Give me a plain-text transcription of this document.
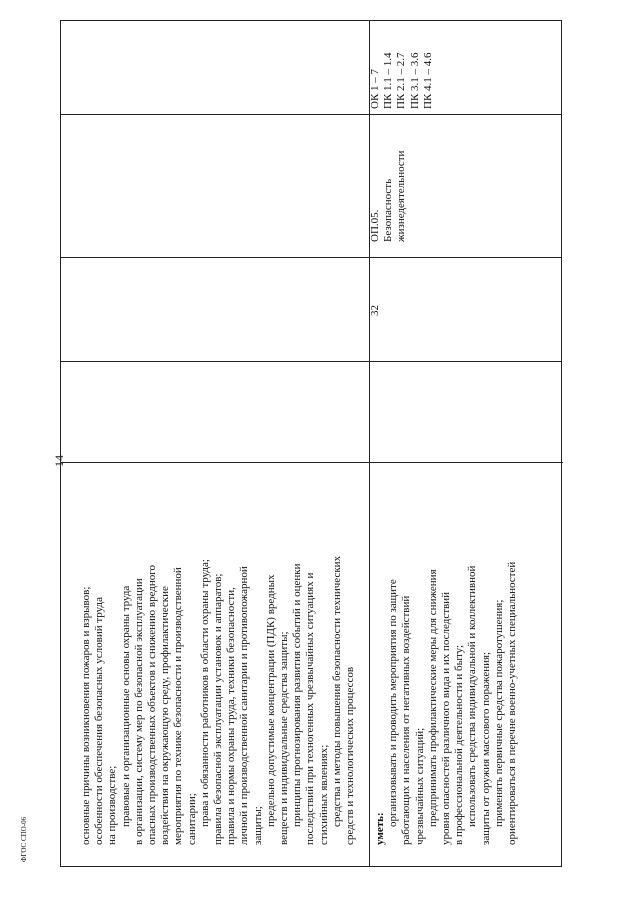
14
основные причины возникновения пожаров и взрывов; особенности обеспечения безопасных условий труда на производстве; правовые и организационные основы охраны труда в организации, систему мер по безопасной эксплуатации опасных производственных объектов и снижению вредного воздействия на окружающую среду, профилактические мероприятия по технике безопасности и производственной санитарии; права и обязанности работников в области охраны труда; правила безопасной эксплуатации установок и аппаратов; правила и нормы охраны труда, техники безопасности, личной и производственной санитарии и противопожарной защиты; предельно допустимые концентрации (ПДК) вредных веществ и индивидуальные средства защиты; принципы прогнозирования развития событий и оценки последствий при техногенных чрезвычайных ситуациях и стихийных явлениях; средства и методы повышения безопасности технических средств и технологических процессов уметь:
организовывать и проводить мероприятия по защите работающих и населения от негативных воздействий чрезвычайных ситуаций; предпринимать профилактические меры для снижения уровня опасностей различного вида и их последствий в профессиональной деятельности и быту; использовать средства индивидуальной и коллективной защиты от оружия массового поражения; применять первичные средства пожаротушения; ориентироваться в перечне военно-учетных специальностей
32
ОП.05. Безопасность жизнедеятельности
ОК 1 – 7 ПК 1.1 – 1.4 ПК 2.1 – 2.7 ПК 3.1 – 3.6 ПК 4.1 – 4.6
ФГОС СПО-06
